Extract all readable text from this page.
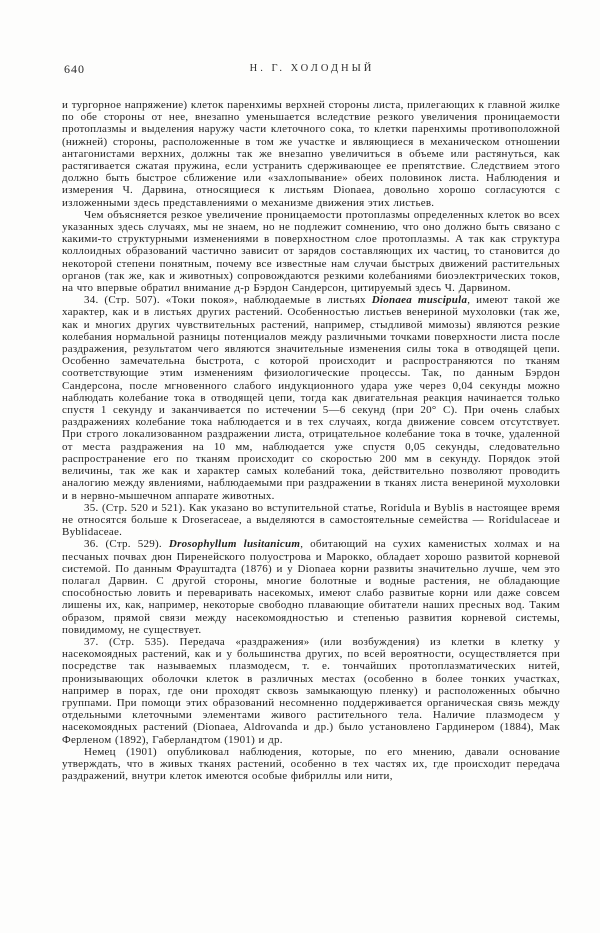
640	Н. Г. ХОЛОДНЫЙ

и тургорное напряжение) клеток паренхимы верхней стороны листа, прилегающих к главной жилке по обе стороны от нее, внезапно уменьшается вследствие резкого увеличения проницаемости протоплазмы и выделения наружу части клеточного сока, то клетки паренхимы противоположной (нижней) стороны, расположенные в том же участке и являющиеся в механическом отношении антагонистами верхних, должны так же внезапно увеличиться в объеме или растянуться, как растягивается сжатая пружина, если устранить сдерживающее ее препятствие. Следствием этого должно быть быстрое сближение или «захлопывание» обеих половинок листа. Наблюдения и измерения Ч. Дарвина, относящиеся к листьям Dionaea, довольно хорошо согласуются с изложенными здесь представлениями о механизме движения этих листьев.

Чем объясняется резкое увеличение проницаемости протоплазмы определенных клеток во всех указанных здесь случаях, мы не знаем, но не подлежит сомнению, что оно должно быть связано с какими-то структурными изменениями в поверхностном слое протоплазмы. А так как структура коллоидных образований частично зависит от зарядов составляющих их частиц, то становится до некоторой степени понятным, почему все известные нам случаи быстрых движений растительных органов (так же, как и животных) сопровождаются резкими колебаниями биоэлектрических токов, на что впервые обратил внимание д-р Бэрдон Сандерсон, цитируемый здесь Ч. Дарвином.

34. (Стр. 507). «Токи покоя», наблюдаемые в листьях Dionaea muscipula, имеют такой же характер, как и в листьях других растений. Особенностью листьев венериной мухоловки (так же, как и многих других чувствительных растений, например, стыдливой мимозы) являются резкие колебания нормальной разницы потенциалов между различными точками поверхности листа после раздражения, результатом чего являются значительные изменения силы тока в отводящей цепи. Особенно замечательна быстрота, с которой происходит и распространяются по тканям соответствующие этим изменениям физиологические процессы. Так, по данным Бэрдон Сандерсона, после мгновенного слабого индукционного удара уже через 0,04 секунды можно наблюдать колебание тока в отводящей цепи, тогда как двигательная реакция начинается только спустя 1 секунду и заканчивается по истечении 5—6 секунд (при 20° С). При очень слабых раздражениях колебание тока наблюдается и в тех случаях, когда движение совсем отсутствует. При строго локализованном раздражении листа, отрицательное колебание тока в точке, удаленной от места раздражения на 10 мм, наблюдается уже спустя 0,05 секунды, следовательно распространение его по тканям происходит со скоростью 200 мм в секунду. Порядок этой величины, так же как и характер самых колебаний тока, действительно позволяют проводить аналогию между явлениями, наблюдаемыми при раздражении в тканях листа венериной мухоловки и в нервно-мышечном аппарате животных.

35. (Стр. 520 и 521). Как указано во вступительной статье, Roridula и Byblis в настоящее время не относятся больше к Droseraceae, а выделяются в самостоятельные семейства — Roridulaceae и Byblidaceae.

36. (Стр. 529). Drosophyllum lusitanicum, обитающий на сухих каменистых холмах и на песчаных почвах дюн Пиренейского полуострова и Марокко, обладает хорошо развитой корневой системой. По данным Фрауштадта (1876) и у Dionaea корни развиты значительно лучше, чем это полагал Дарвин. С другой стороны, многие болотные и водные растения, не обладающие способностью ловить и переваривать насекомых, имеют слабо развитые корни или даже совсем лишены их, как, например, некоторые свободно плавающие обитатели наших пресных вод. Таким образом, прямой связи между насекомоядностью и степенью развития корневой системы, повидимому, не существует.

37. (Стр. 535). Передача «раздражения» (или возбуждения) из клетки в клетку у насекомоядных растений, как и у большинства других, по всей вероятности, осуществляется при посредстве так называемых плазмодесм, т. е. тончайших протоплазматических нитей, пронизывающих оболочки клеток в различных местах (особенно в более тонких участках, например в порах, где они проходят сквозь замыкающую пленку) и расположенных обычно группами. При помощи этих образований несомненно поддерживается органическая связь между отдельными клеточными элементами живого растительного тела. Наличие плазмодесм у насекомоядных растений (Dionaea, Aldrovanda и др.) было установлено Гардинером (1884), Мак Ферленом (1892), Габерландтом (1901) и др.

Немец (1901) опубликовал наблюдения, которые, по его мнению, давали основание утверждать, что в живых тканях растений, особенно в тех частях их, где происходит передача раздражений, внутри клеток имеются особые фибриллы или нити,
